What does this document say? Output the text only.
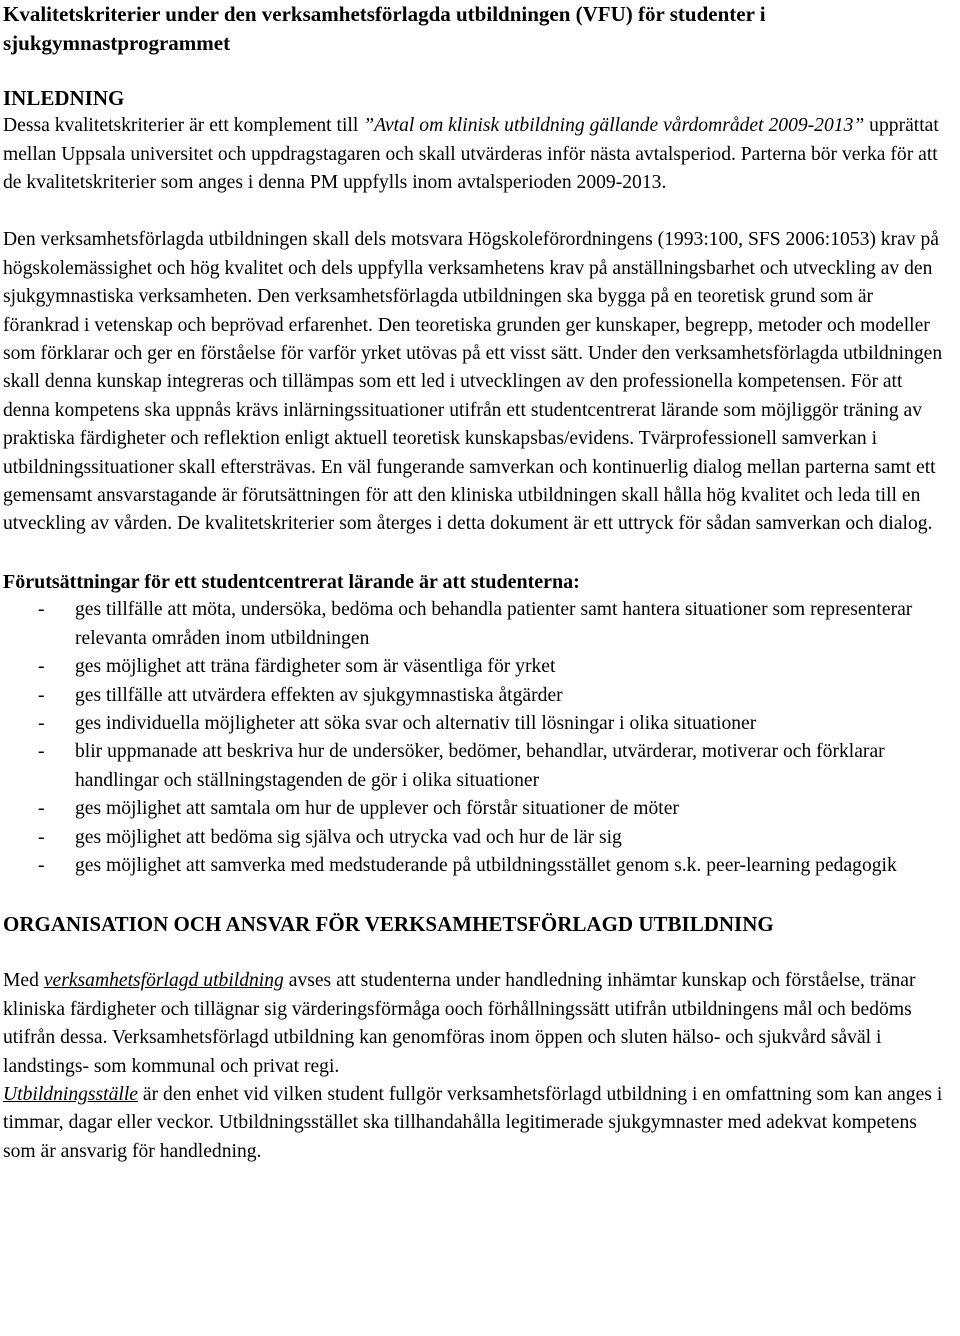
Kvalitetskriterier under den verksamhetsförlagda utbildningen (VFU) för studenter i sjukgymnastprogrammet
INLEDNING

Dessa kvalitetskriterier är ett komplement till ”Avtal om klinisk utbildning gällande vårdområdet 2009-2013” upprättat mellan Uppsala universitet och uppdragstagaren och skall utvärderas inför nästa avtalsperiod. Parterna bör verka för att de kvalitetskriterier som anges i denna PM uppfylls inom avtalsperioden 2009-2013.

Den verksamhetsförlagda utbildningen skall dels motsvara Högskoleförordningens (1993:100, SFS 2006:1053) krav på högskolemässighet och hög kvalitet och dels uppfylla verksamhetens krav på anställningsbarhet och utveckling av den sjukgymnastiska verksamheten. Den verksamhetsförlagda utbildningen ska bygga på en teoretisk grund som är förankrad i vetenskap och beprövad erfarenhet. Den teoretiska grunden ger kunskaper, begrepp, metoder och modeller som förklarar och ger en förståelse för varför yrket utövas på ett visst sätt. Under den verksamhetsförlagda utbildningen skall denna kunskap integreras och tillämpas som ett led i utvecklingen av den professionella kompetensen. För att denna kompetens ska uppnås krävs inlärningssituationer utifrån ett studentcentrerat lärande som möjliggör träning av praktiska färdigheter och reflektion enligt aktuell teoretisk kunskapsbas/evidens. Tvärprofessionell samverkan i utbildningssituationer skall eftersträvas. En väl fungerande samverkan och kontinuerlig dialog mellan parterna samt ett gemensamt ansvarstagande är förutsättningen för att den kliniska utbildningen skall hålla hög kvalitet och leda till en utveckling av vården. De kvalitetskriterier som återges i detta dokument är ett uttryck för sådan samverkan och dialog.

Förutsättningar för ett studentcentrerat lärande är att studenterna:

- ges tillfälle att möta, undersöka, bedöma och behandla patienter samt hantera situationer som representerar relevanta områden inom utbildningen
- ges möjlighet att träna färdigheter som är väsentliga för yrket
- ges tillfälle att utvärdera effekten av sjukgymnastiska åtgärder
- ges individuella möjligheter att söka svar och alternativ till lösningar i olika situationer
- blir uppmanade att beskriva hur de undersöker, bedömer, behandlar, utvärderar, motiverar och förklarar handlingar och ställningstagenden de gör i olika situationer
- ges möjlighet att samtala om hur de upplever och förstår situationer de möter
- ges möjlighet att bedöma sig själva och utrycka vad och hur de lär sig
- ges möjlighet att samverka med medstuderande på utbildningsstället genom s.k. peer-learning pedagogik
ORGANISATION OCH ANSVAR FÖR VERKSAMHETSFÖRLAGD UTBILDNING

Med verksamhetsförlagd utbildning avses att studenterna under handledning inhämtar kunskap och förståelse, tränar kliniska färdigheter och tillägnar sig värderingsförmåga ooch förhållningssätt utifrån utbildningens mål och bedöms utifrån dessa. Verksamhetsförlagd utbildning kan genomföras inom öppen och sluten hälso- och sjukvård såväl i landstings- som kommunal och privat regi.

Utbildningsställe är den enhet vid vilken student fullgör verksamhetsförlagd utbildning i en omfattning som kan anges i timmar, dagar eller veckor. Utbildningsstället ska tillhandahålla legitimerade sjukgymnaster med adekvat kompetens som är ansvarig för handledning.
